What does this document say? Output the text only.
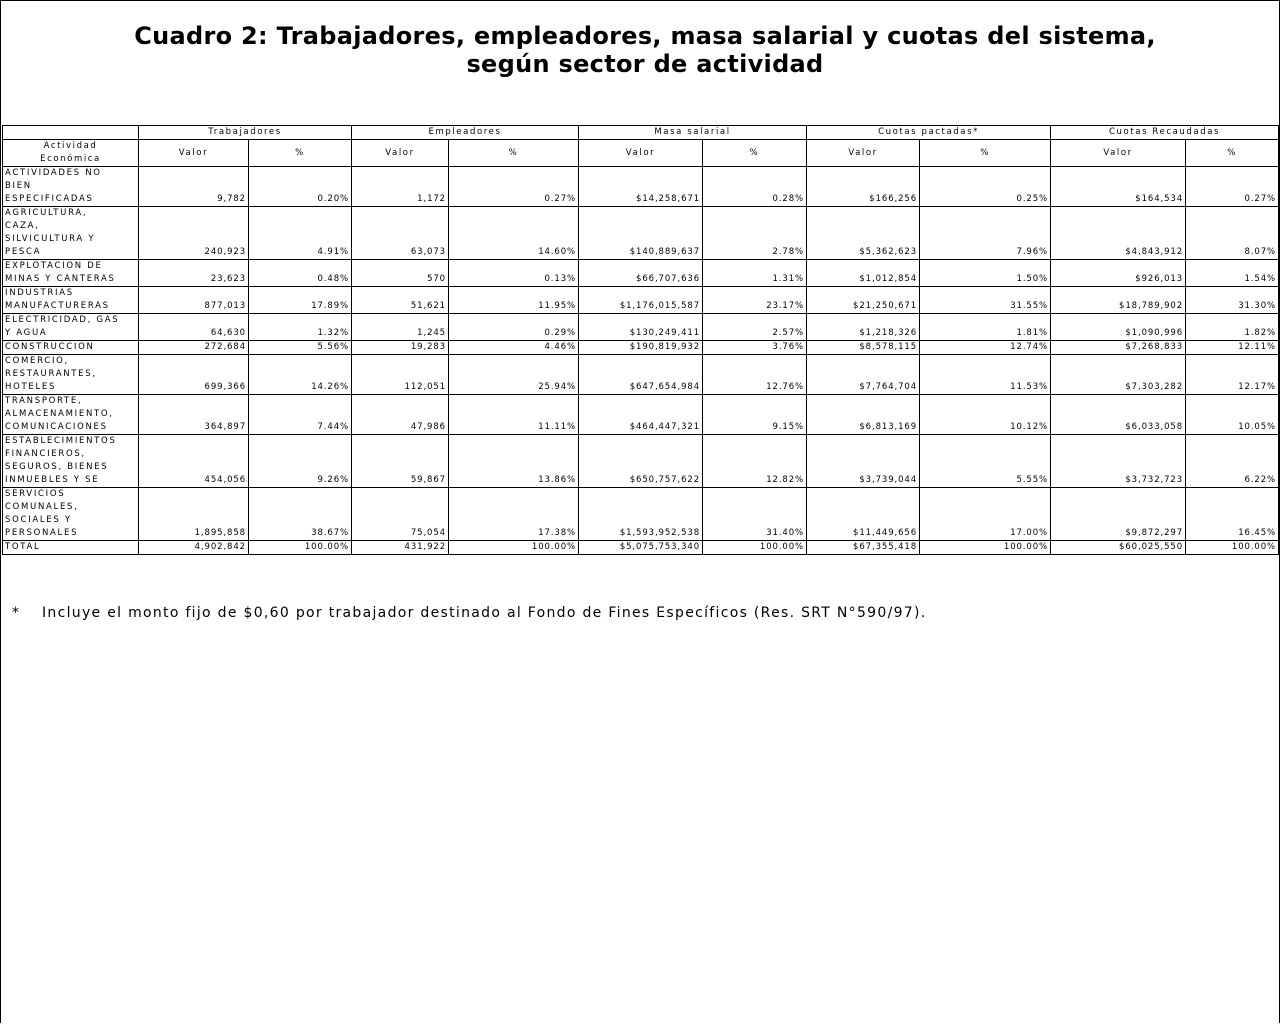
Cuadro 2: Trabajadores, empleadores, masa salarial y cuotas del sistema,
según sector de actividad
	Trabajadores		Empleadores		Masa salarial		Cuotas pactadas*		Cuotas Recaudadas	

Actividad
Económica	Valor	%	Valor	%	Valor	%	Valor	%	Valor	%

ACTIVIDADES NO
BIEN
ESPECIFICADAS	9,782	0.20%	1,172	0.27%	$14,258,671	0.28%	$166,256	0.25%	$164,534	0.27%

AGRICULTURA,
CAZA,
SILVICULTURA Y
PESCA	240,923	4.91%	63,073	14.60%	$140,889,637	2.78%	$5,362,623	7.96%	$4,843,912	8.07%

EXPLOTACION DE
MINAS Y CANTERAS	23,623	0.48%	570	0.13%	$66,707,636	1.31%	$1,012,854	1.50%	$926,013	1.54%

INDUSTRIAS
MANUFACTURERAS	877,013	17.89%	51,621	11.95%	$1,176,015,587	23.17%	$21,250,671	31.55%	$18,789,902	31.30%

ELECTRICIDAD, GAS
Y AGUA	64,630	1.32%	1,245	0.29%	$130,249,411	2.57%	$1,218,326	1.81%	$1,090,996	1.82%

CONSTRUCCION	272,684	5.56%	19,283	4.46%	$190,819,932	3.76%	$8,578,115	12.74%	$7,268,833	12.11%

COMERCIO,
RESTAURANTES,
HOTELES	699,366	14.26%	112,051	25.94%	$647,654,984	12.76%	$7,764,704	11.53%	$7,303,282	12.17%

TRANSPORTE,
ALMACENAMIENTO,
COMUNICACIONES	364,897	7.44%	47,986	11.11%	$464,447,321	9.15%	$6,813,169	10.12%	$6,033,058	10.05%

ESTABLECIMIENTOS
FINANCIEROS,
SEGUROS, BIENES
INMUEBLES Y SE	454,056	9.26%	59,867	13.86%	$650,757,622	12.82%	$3,739,044	5.55%	$3,732,723	6.22%

SERVICIOS
COMUNALES,
SOCIALES Y
PERSONALES	1,895,858	38.67%	75,054	17.38%	$1,593,952,538	31.40%	$11,449,656	17.00%	$9,872,297	16.45%

TOTAL	4,902,842	100.00%	431,922	100.00%	$5,075,753,340	100.00%	$67,355,418	100.00%	$60,025,550	100.00%
* Incluye el monto fijo de $0,60 por trabajador destinado al Fondo de Fines Específicos (Res. SRT N°590/97).
